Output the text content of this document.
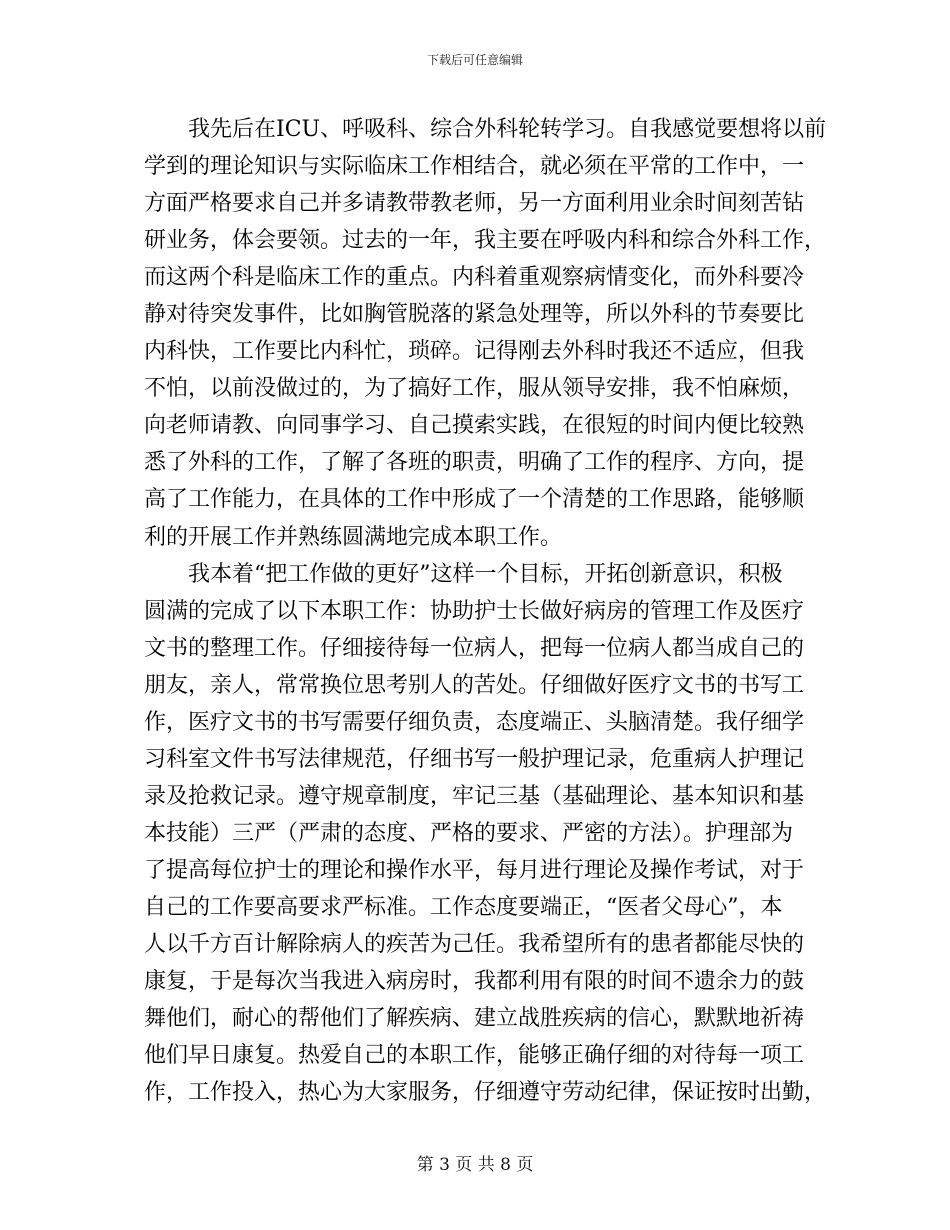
下载后可任意编辑
我先后在ICU、呼吸科、综合外科轮转学习。自我感觉要想将以前
学到的理论知识与实际临床工作相结合，就必须在平常的工作中，一
方面严格要求自己并多请教带教老师，另一方面利用业余时间刻苦钻
研业务，体会要领。过去的一年，我主要在呼吸内科和综合外科工作，
而这两个科是临床工作的重点。内科着重观察病情变化，而外科要冷
静对待突发事件，比如胸管脱落的紧急处理等，所以外科的节奏要比
内科快，工作要比内科忙，琐碎。记得刚去外科时我还不适应，但我
不怕，以前没做过的，为了搞好工作，服从领导安排，我不怕麻烦，
向老师请教、向同事学习、自己摸索实践，在很短的时间内便比较熟
悉了外科的工作，了解了各班的职责，明确了工作的程序、方向，提
高了工作能力，在具体的工作中形成了一个清楚的工作思路，能够顺
利的开展工作并熟练圆满地完成本职工作。
我本着“把工作做的更好”这样一个目标，开拓创新意识，积极
圆满的完成了以下本职工作：协助护士长做好病房的管理工作及医疗
文书的整理工作。仔细接待每一位病人，把每一位病人都当成自己的
朋友，亲人，常常换位思考别人的苦处。仔细做好医疗文书的书写工
作，医疗文书的书写需要仔细负责，态度端正、头脑清楚。我仔细学
习科室文件书写法律规范，仔细书写一般护理记录，危重病人护理记
录及抢救记录。遵守规章制度，牢记三基（基础理论、基本知识和基
本技能）三严（严肃的态度、严格的要求、严密的方法）。护理部为
了提高每位护士的理论和操作水平，每月进行理论及操作考试，对于
自己的工作要高要求严标准。工作态度要端正，“医者父母心”，本
人以千方百计解除病人的疾苦为己任。我希望所有的患者都能尽快的
康复，于是每次当我进入病房时，我都利用有限的时间不遗余力的鼓
舞他们，耐心的帮他们了解疾病、建立战胜疾病的信心，默默地祈祷
他们早日康复。热爱自己的本职工作，能够正确仔细的对待每一项工
作，工作投入，热心为大家服务，仔细遵守劳动纪律，保证按时出勤，
第 3 页 共 8 页
